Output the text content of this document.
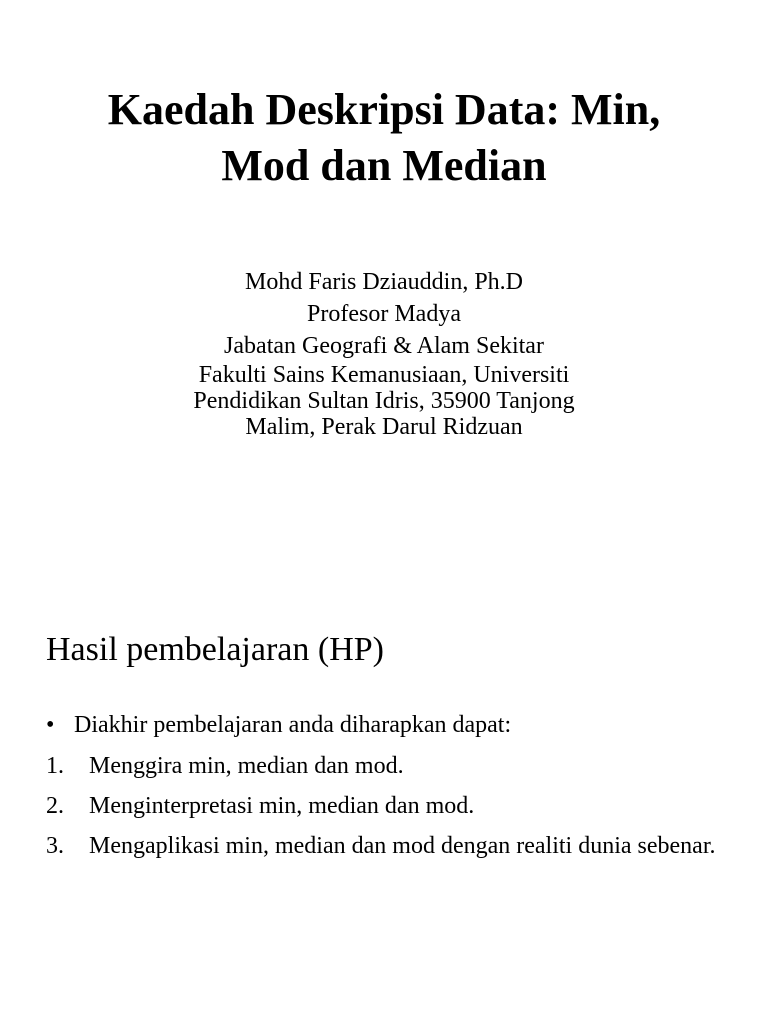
Kaedah Deskripsi Data: Min,
Mod dan Median
Mohd Faris Dziauddin, Ph.D
Profesor Madya
Jabatan Geografi & Alam Sekitar
Fakulti Sains Kemanusiaan, Universiti
Pendidikan Sultan Idris, 35900 Tanjong
Malim, Perak Darul Ridzuan
Hasil pembelajaran (HP)
• Diakhir pembelajaran anda diharapkan dapat:
1.	Menggira min, median dan mod.
2.	Menginterpretasi min, median dan mod.
3.	Mengaplikasi min, median dan mod dengan realiti dunia sebenar.
